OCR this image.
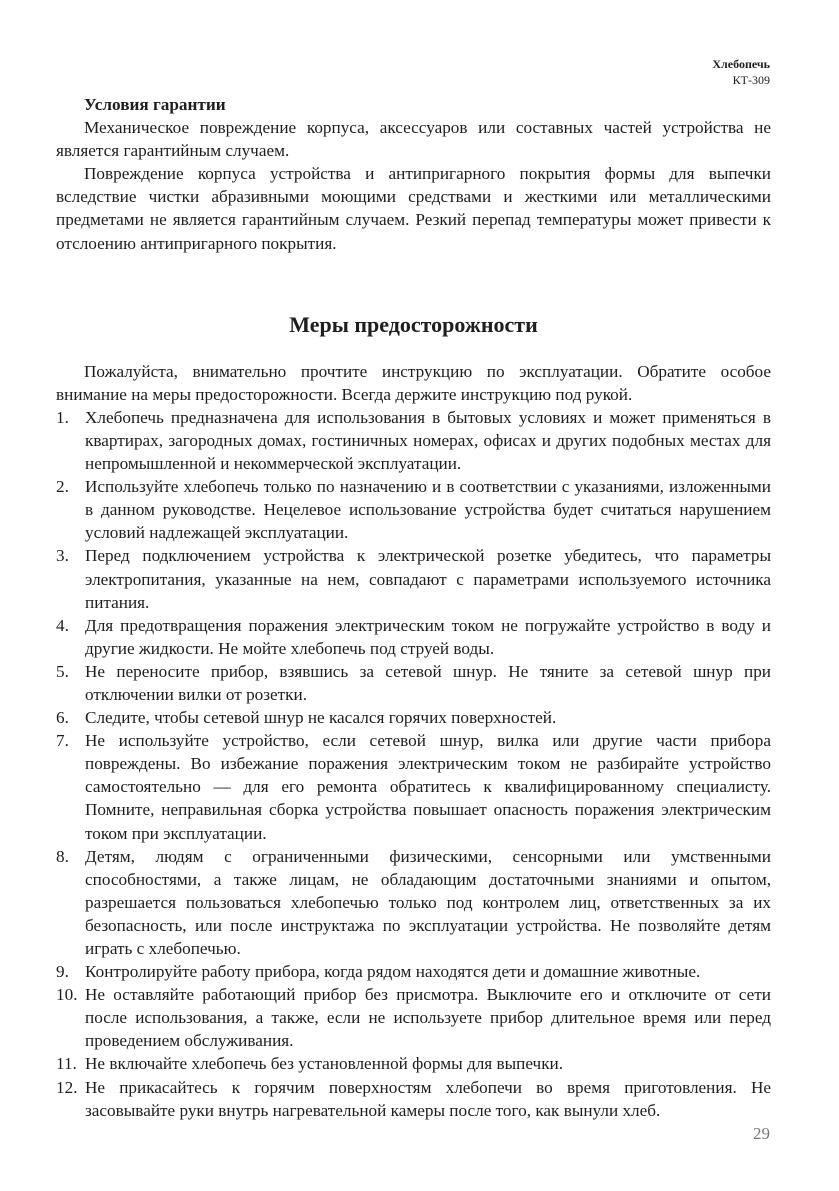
Хлебопечь
КТ-309

Условия гарантии

Механическое повреждение корпуса, аксессуаров или составных частей устройства не является гарантийным случаем.

Повреждение корпуса устройства и антипригарного покрытия формы для выпечки вследствие чистки абразивными моющими средствами и жесткими или металлическими предметами не является гарантийным случаем. Резкий перепад температуры может привести к отслоению антипригарного покрытия.

Меры предосторожности

Пожалуйста, внимательно прочтите инструкцию по эксплуатации. Обратите особое внимание на меры предосторожности. Всегда держите инструкцию под рукой.

1. Хлебопечь предназначена для использования в бытовых условиях и может применяться в квартирах, загородных домах, гостиничных номерах, офисах и других подобных местах для непромышленной и некоммерческой эксплуатации.
2. Используйте хлебопечь только по назначению и в соответствии с указаниями, изложенными в данном руководстве. Нецелевое использование устройства будет считаться нарушением условий надлежащей эксплуатации.
3. Перед подключением устройства к электрической розетке убедитесь, что параметры электропитания, указанные на нем, совпадают с параметрами используемого источника питания.
4. Для предотвращения поражения электрическим током не погружайте устройство в воду и другие жидкости. Не мойте хлебопечь под струей воды.
5. Не переносите прибор, взявшись за сетевой шнур. Не тяните за сетевой шнур при отключении вилки от розетки.
6. Следите, чтобы сетевой шнур не касался горячих поверхностей.
7. Не используйте устройство, если сетевой шнур, вилка или другие части прибора повреждены. Во избежание поражения электрическим током не разбирайте устройство самостоятельно — для его ремонта обратитесь к квалифицированному специалисту. Помните, неправильная сборка устройства повышает опасность поражения электрическим током при эксплуатации.
8. Детям, людям с ограниченными физическими, сенсорными или умственными способностями, а также лицам, не обладающим достаточными знаниями и опытом, разрешается пользоваться хлебопечью только под контролем лиц, ответственных за их безопасность, или после инструктажа по эксплуатации устройства. Не позволяйте детям играть с хлебопечью.
9. Контролируйте работу прибора, когда рядом находятся дети и домашние животные.
10. Не оставляйте работающий прибор без присмотра. Выключите его и отключите от сети после использования, а также, если не используете прибор длительное время или перед проведением обслуживания.
11. Не включайте хлебопечь без установленной формы для выпечки.
12. Не прикасайтесь к горячим поверхностям хлебопечи во время приготовления. Не засовывайте руки внутрь нагревательной камеры после того, как вынули хлеб.
29
